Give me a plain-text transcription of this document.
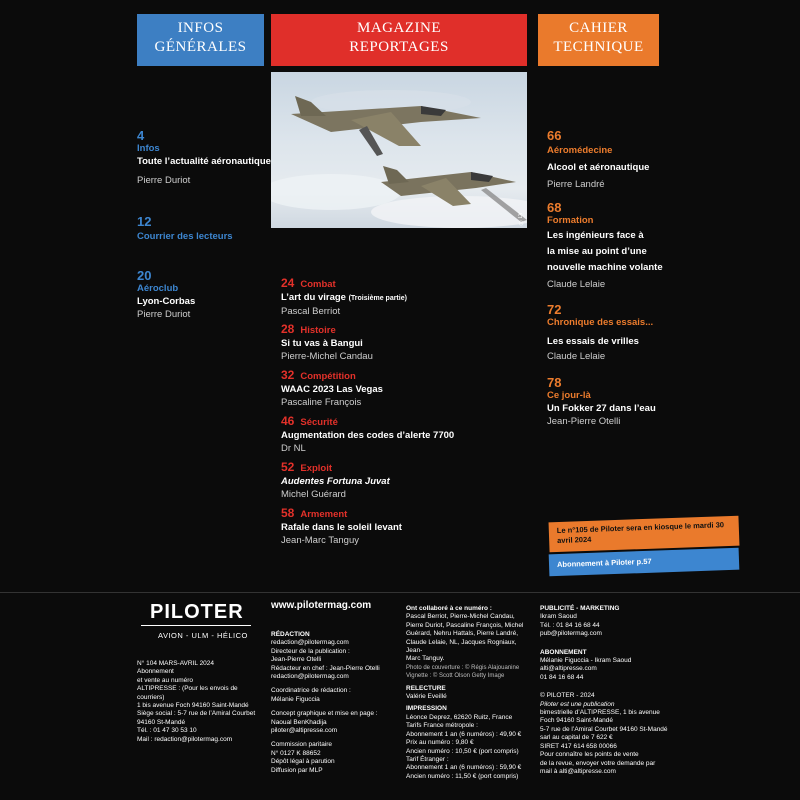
INFOS
GÉNÉRALES
MAGAZINE
REPORTAGES
CAHIER
TECHNIQUE
©Dr
4
Infos
Toute l’actualité aéronautique
Pierre Duriot
12
Courrier des lecteurs
20
Aéroclub
Lyon-Corbas
Pierre Duriot
24 Combat
L’art du virage (Troisième partie)
Pascal Berriot
28 Histoire
Si tu vas à Bangui
Pierre-Michel Candau
32 Compétition
WAAC 2023 Las Vegas
Pascaline François
46 Sécurité
Augmentation des codes d’alerte 7700
Dr NL
52 Exploit
Audentes Fortuna Juvat
Michel Guérard
58 Armement
Rafale dans le soleil levant
Jean-Marc Tanguy
66
Aéromédecine
Alcool et aéronautique
Pierre Landré
68
Formation
Les ingénieurs face à
la mise au point d’une
nouvelle machine volante
Claude Lelaie
72
Chronique des essais...
Les essais de vrilles
Claude Lelaie
78
Ce jour-là
Un Fokker 27 dans l’eau
Jean-Pierre Otelli
Le n°105 de Piloter sera en kiosque le mardi 30 avril 2024
Abonnement à Piloter p.57
PILOTER
AVION - ULM - HÉLICO
www.pilotermag.com
N° 104 MARS-AVRIL 2024
Abonnement
et vente au numéro
ALTIPRESSE : (Pour les envois de courriers)
1 bis avenue Foch 94160 Saint-Mandé
Siège social : 5-7 rue de l’Amiral Courbet
94160 St-Mandé
Tél. : 01 47 30 53 10
Mail : redaction@pilotermag.com
RÉDACTION
redaction@pilotermag.com
Directeur de la publication :
Jean-Pierre Otelli
Rédacteur en chef : Jean-Pierre Otelli
redaction@pilotermag.com
Coordinatrice de rédaction :
Mélanie Figuccia
Concept graphique et mise en page :
Naoual BenKhadija
piloter@altipresse.com
Commission paritaire
N° 0127 K 88652
Dépôt légal à parution
Diffusion par MLP
Ont collaboré à ce numéro :
Pascal Berriot, Pierre-Michel Candau,
Pierre Duriot, Pascaline François, Michel
Guérard, Nehru Hattals, Pierre Landré,
Claude Lelaie, NL, Jacques Rogniaux, Jean-
Marc Tanguy.
Photo de couverture : © Régis Alajouanine
Vignette : © Scott Olson Getty Image
RELECTURE
Valérie Eveillé
IMPRESSION
Léonce Deprez, 62620 Ruitz, France
Tarifs France métropole :
Abonnement 1 an (6 numéros) : 49,90 €
Prix au numéro : 9,80 €
Ancien numéro : 10,50 € (port compris)
Tarif Étranger :
Abonnement 1 an (6 numéros) : 59,90 €
Ancien numéro : 11,50 € (port compris)
PUBLICITÉ - MARKETING
Ikram Saoud
Tél. : 01 84 16 68 44
pub@pilotermag.com
ABONNEMENT
Mélanie Figuccia - Ikram Saoud
alti@altipresse.com
01 84 16 68 44
© PILOTER - 2024
Piloter est une publication
bimestrielle d’ALTIPRESSE, 1 bis avenue
Foch 94160 Saint-Mandé
5-7 rue de l’Amiral Courbet 94160 St-Mandé
sarl au capital de 7 622 €
SIRET 417 614 658 00066
Pour connaître les points de vente
de la revue, envoyer votre demande par
mail à alti@altipresse.com
